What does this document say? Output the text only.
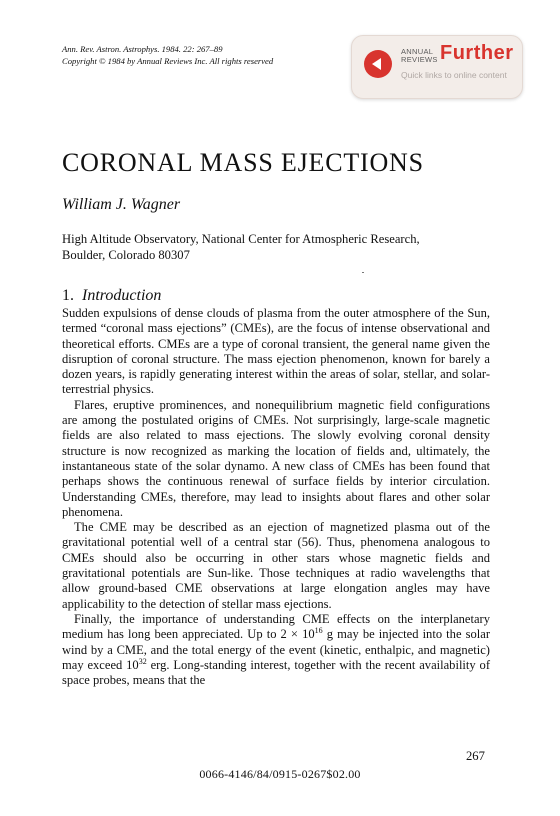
Ann. Rev. Astron. Astrophys. 1984. 22: 267–89
Copyright © 1984 by Annual Reviews Inc. All rights reserved
ANNUAL
REVIEWS Further
Quick links to online content
CORONAL MASS EJECTIONS
William J. Wagner
High Altitude Observatory, National Center for Atmospheric Research,
Boulder, Colorado 80307
1. Introduction

Sudden expulsions of dense clouds of plasma from the outer atmosphere of the Sun, termed “coronal mass ejections” (CMEs), are the focus of intense observational and theoretical efforts. CMEs are a type of coronal transient, the general name given the disruption of coronal structure. The mass ejection phenomenon, known for barely a dozen years, is rapidly generating interest within the areas of solar, stellar, and solar-terrestrial physics.

Flares, eruptive prominences, and nonequilibrium magnetic field configurations are among the postulated origins of CMEs. Not surprisingly, large-scale magnetic fields are also related to mass ejections. The slowly evolving coronal density structure is now recognized as marking the location of fields and, ultimately, the instantaneous state of the solar dynamo. A new class of CMEs has been found that perhaps shows the continuous renewal of surface fields by interior circulation. Understanding CMEs, therefore, may lead to insights about flares and other solar phenomena.

The CME may be described as an ejection of magnetized plasma out of the gravitational potential well of a central star (56). Thus, phenomena analogous to CMEs should also be occurring in other stars whose magnetic fields and gravitational potentials are Sun-like. Those techniques at radio wavelengths that allow ground-based CME observations at large elongation angles may have applicability to the detection of stellar mass ejections.

Finally, the importance of understanding CME effects on the interplanetary medium has long been appreciated. Up to $2 \times 10^{16}$ g may be injected into the solar wind by a CME, and the total energy of the event (kinetic, enthalpic, and magnetic) may exceed $10^{32}$ erg. Long-standing interest, together with the recent availability of space probes, means that the

267
0066-4146/84/0915-0267$02.00
